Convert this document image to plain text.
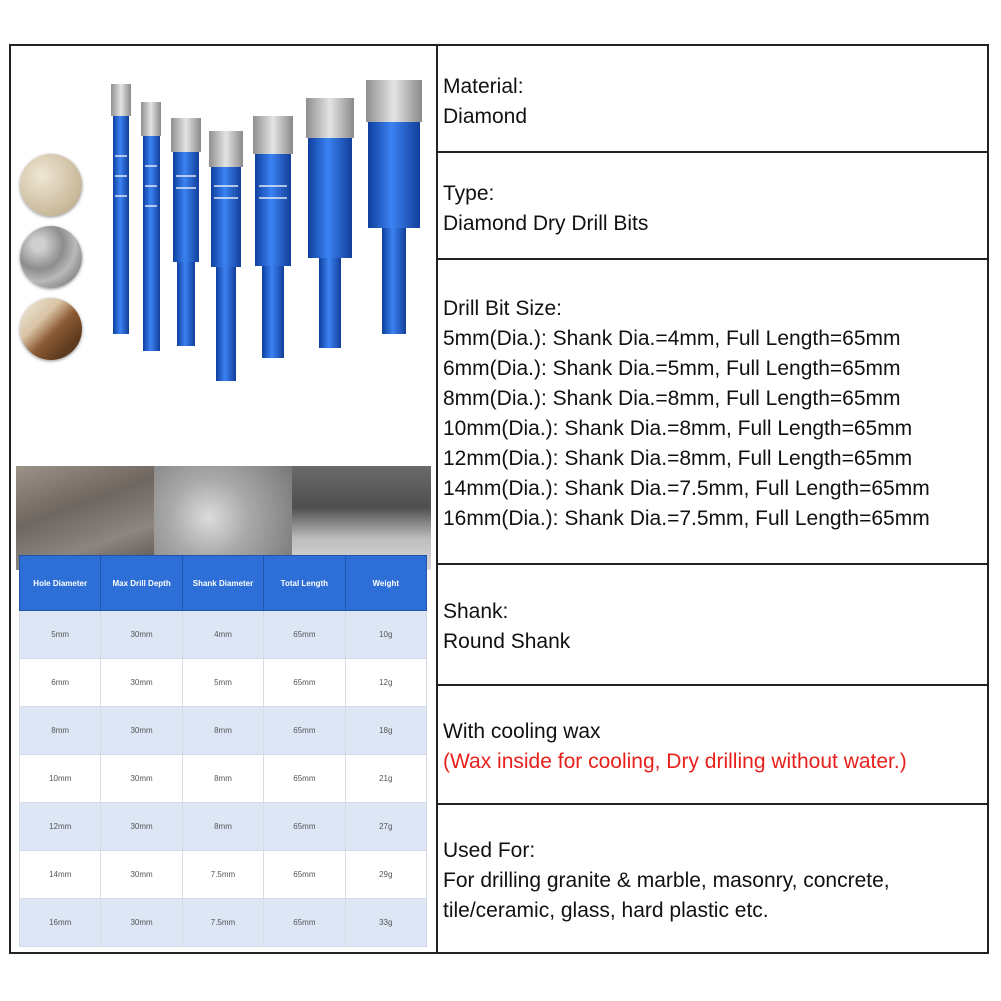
Hole Diameter	Max Drill Depth	Shank Diameter	Total Length	Weight
5mm	30mm	4mm	65mm	10g
6mm	30mm	5mm	65mm	12g
8mm	30mm	8mm	65mm	18g
10mm	30mm	8mm	65mm	21g
12mm	30mm	8mm	65mm	27g
14mm	30mm	7.5mm	65mm	29g
16mm	30mm	7.5mm	65mm	33g
Material:
Diamond
Type:
Diamond Dry Drill Bits
Drill Bit Size:
5mm(Dia.): Shank Dia.=4mm, Full Length=65mm
6mm(Dia.): Shank Dia.=5mm, Full Length=65mm
8mm(Dia.): Shank Dia.=8mm, Full Length=65mm
10mm(Dia.): Shank Dia.=8mm, Full Length=65mm
12mm(Dia.): Shank Dia.=8mm, Full Length=65mm
14mm(Dia.): Shank Dia.=7.5mm, Full Length=65mm
16mm(Dia.): Shank Dia.=7.5mm, Full Length=65mm
Shank:
Round Shank
With cooling wax
(Wax inside for cooling, Dry drilling without water.)
Used For:
For drilling granite & marble, masonry, concrete,
tile/ceramic, glass, hard plastic etc.
